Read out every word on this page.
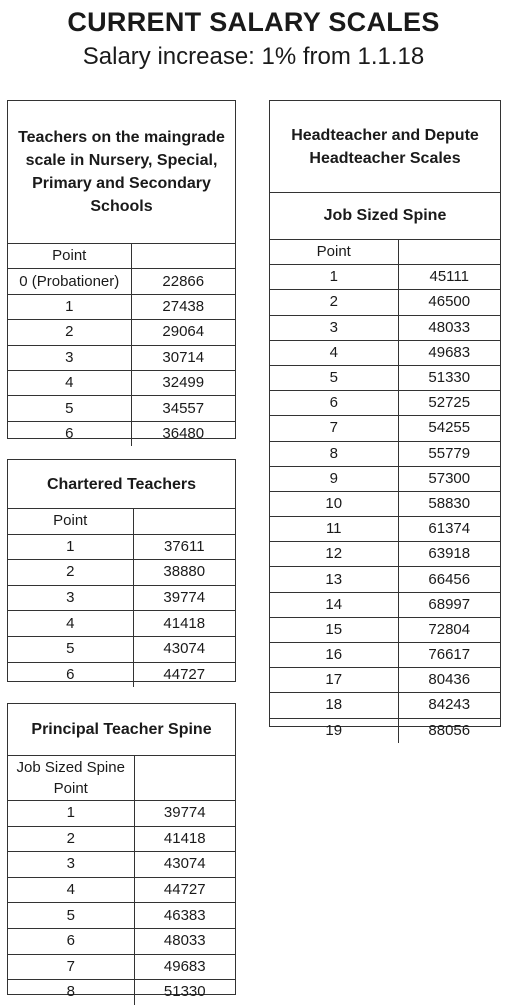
CURRENT SALARY SCALES
Salary increase: 1% from 1.1.18
Teachers on the maingrade scale in Nursery, Special, Primary and Secondary Schools
Point	
0 (Probationer)	22866
1	27438
2	29064
3	30714
4	32499
5	34557
6	36480
Chartered Teachers
Point	
1	37611
2	38880
3	39774
4	41418
5	43074
6	44727
Principal Teacher Spine
Job Sized Spine Point	
1	39774
2	41418
3	43074
4	44727
5	46383
6	48033
7	49683
8	51330
Headteacher and Depute Headteacher Scales
Job Sized Spine
Point	
1	45111
2	46500
3	48033
4	49683
5	51330
6	52725
7	54255
8	55779
9	57300
10	58830
11	61374
12	63918
13	66456
14	68997
15	72804
16	76617
17	80436
18	84243
19	88056
